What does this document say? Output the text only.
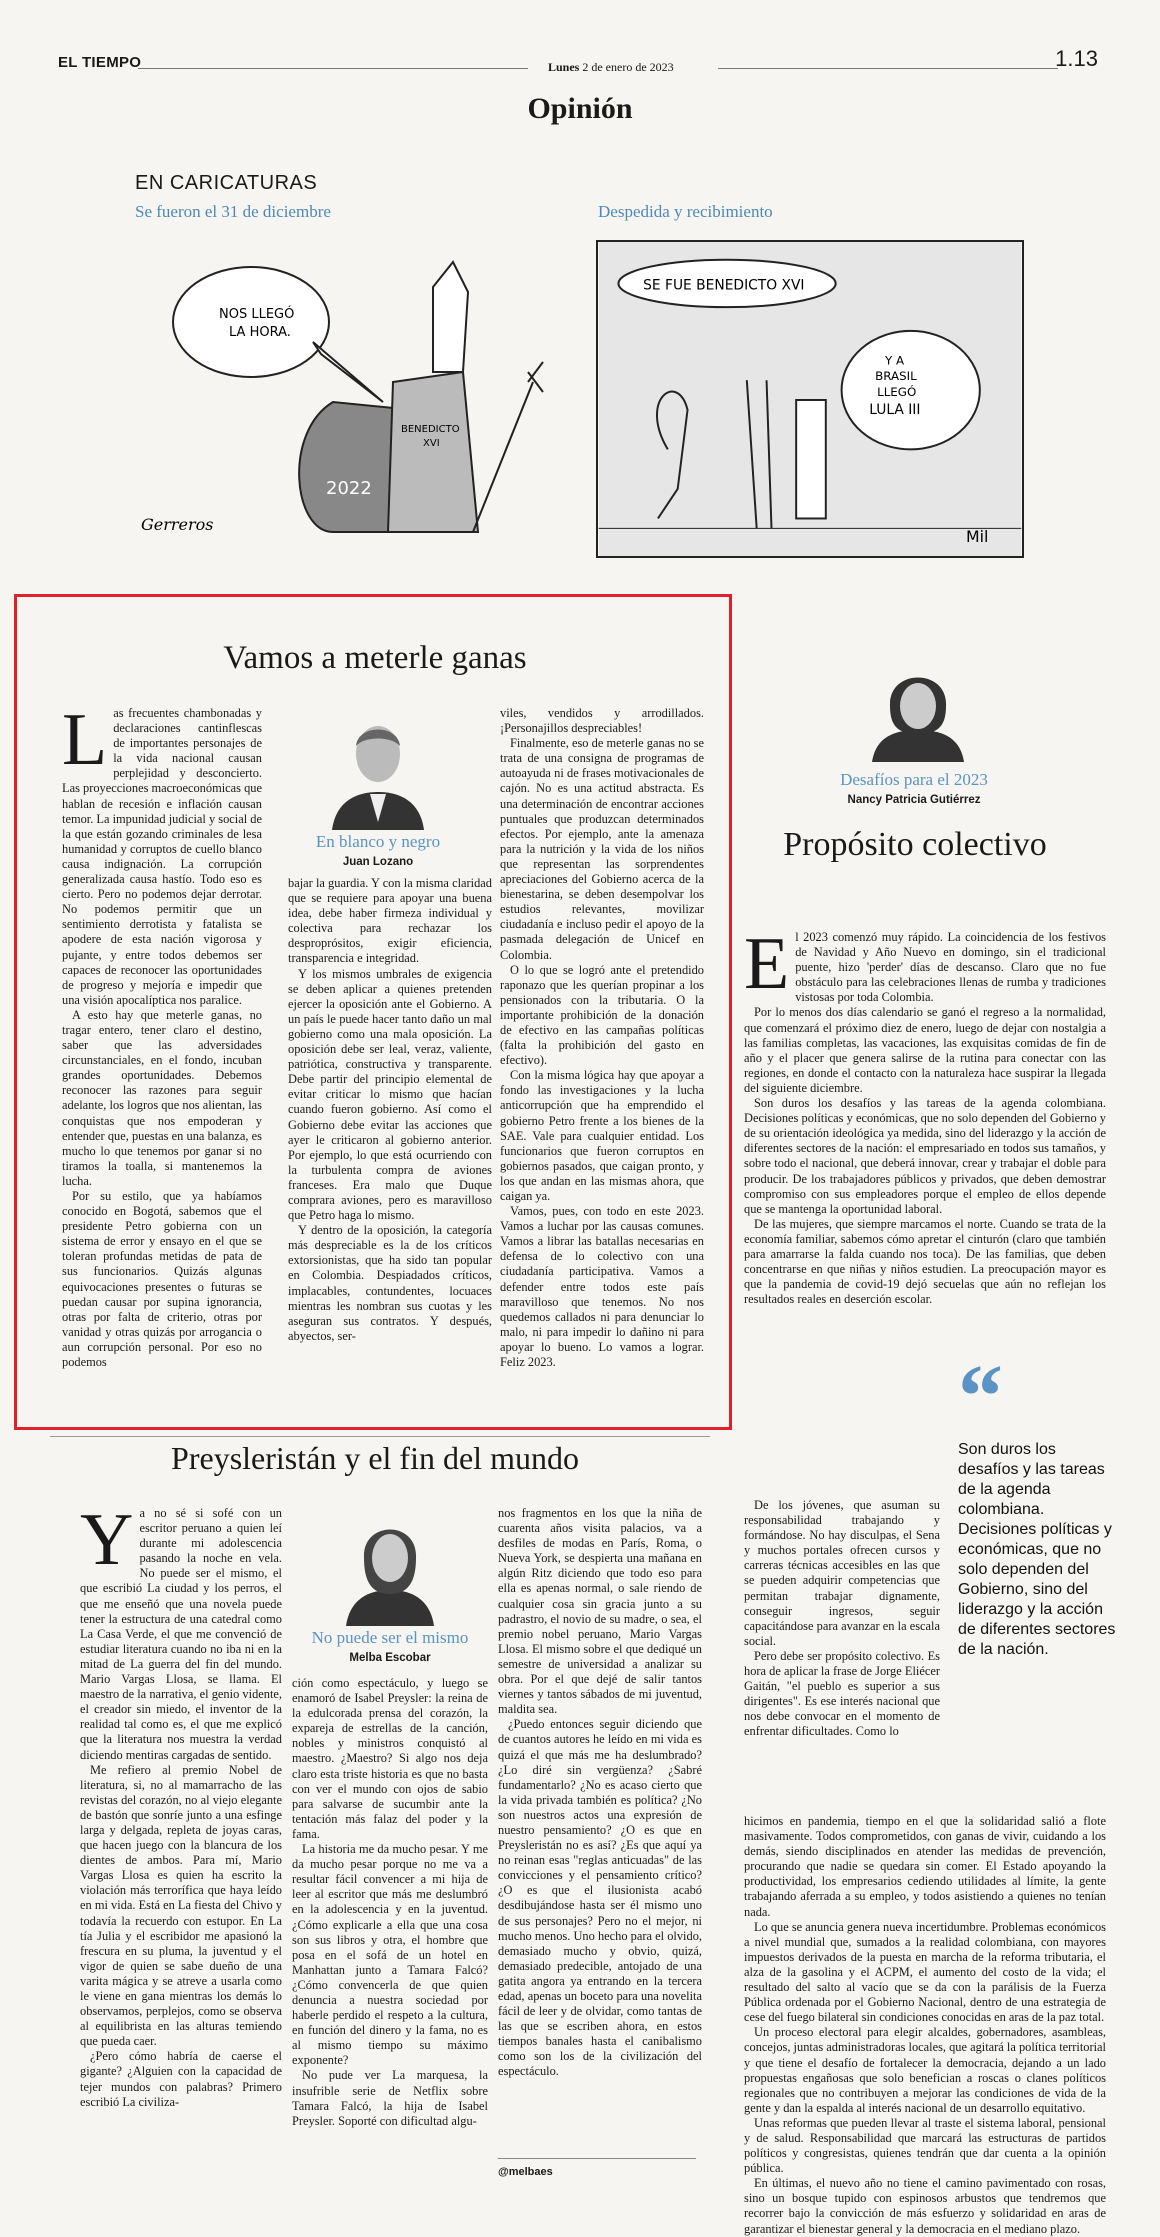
EL TIEMPO	Lunes 2 de enero de 2023	1.13
Opinión
EN CARICATURAS
Se fueron el 31 de diciembre	Despedida y recibimiento
NOS LLEGÓ
LA HORA.
2022
BENEDICTO
XVI
Gerreros
SE FUE BENEDICTO XVI
Y A
BRASIL
LLEGÓ
LULA III
Mil
Vamos a meterle ganas

Las frecuentes chambonadas y declaraciones cantinflescas de importantes personajes de la vida nacional causan perplejidad y desconcierto. Las proyecciones macroeconómicas que hablan de recesión e inflación causan temor. La impunidad judicial y social de la que están gozando criminales de lesa humanidad y corruptos de cuello blanco causa indignación. La corrupción generalizada causa hastío. Todo eso es cierto. Pero no podemos dejar derrotar. No podemos permitir que un sentimiento derrotista y fatalista se apodere de esta nación vigorosa y pujante, y entre todos debemos ser capaces de reconocer las oportunidades de progreso y mejoría e impedir que una visión apocalíptica nos paralice.

A esto hay que meterle ganas, no tragar entero, tener claro el destino, saber que las adversidades circunstanciales, en el fondo, incuban grandes oportunidades. Debemos reconocer las razones para seguir adelante, los logros que nos alientan, las conquistas que nos empoderan y entender que, puestas en una balanza, es mucho lo que tenemos por ganar si no tiramos la toalla, si mantenemos la lucha.

Por su estilo, que ya habíamos conocido en Bogotá, sabemos que el presidente Petro gobierna con un sistema de error y ensayo en el que se toleran profundas metidas de pata de sus funcionarios. Quizás algunas equivocaciones presentes o futuras se puedan causar por supina ignorancia, otras por falta de criterio, otras por vanidad y otras quizás por arrogancia o aun corrupción personal. Por eso no podemos

En blanco y negro
Juan Lozano

bajar la guardia. Y con la misma claridad que se requiere para apoyar una buena idea, debe haber firmeza individual y colectiva para rechazar los desproprósitos, exigir eficiencia, transparencia e integridad.

Y los mismos umbrales de exigencia se deben aplicar a quienes pretenden ejercer la oposición ante el Gobierno. A un país le puede hacer tanto daño un mal gobierno como una mala oposición. La oposición debe ser leal, veraz, valiente, patriótica, constructiva y transparente. Debe partir del principio elemental de evitar criticar lo mismo que hacían cuando fueron gobierno. Así como el Gobierno debe evitar las acciones que ayer le criticaron al gobierno anterior. Por ejemplo, lo que está ocurriendo con la turbulenta compra de aviones franceses. Era malo que Duque comprara aviones, pero es maravilloso que Petro haga lo mismo.

Y dentro de la oposición, la categoría más despreciable es la de los críticos extorsionistas, que ha sido tan popular en Colombia. Despiadados críticos, implacables, contundentes, locuaces mientras les nombran sus cuotas y les aseguran sus contratos. Y después, abyectos, ser-

viles, vendidos y arrodillados. ¡Personajillos despreciables!

Finalmente, eso de meterle ganas no se trata de una consigna de programas de autoayuda ni de frases motivacionales de cajón. No es una actitud abstracta. Es una determinación de encontrar acciones puntuales que produzcan determinados efectos. Por ejemplo, ante la amenaza para la nutrición y la vida de los niños que representan las sorprendentes apreciaciones del Gobierno acerca de la bienestarina, se deben desempolvar los estudios relevantes, movilizar ciudadanía e incluso pedir el apoyo de la pasmada delegación de Unicef en Colombia.

O lo que se logró ante el pretendido raponazo que les querían propinar a los pensionados con la tributaria. O la importante prohibición de la donación de efectivo en las campañas políticas (falta la prohibición del gasto en efectivo).

Con la misma lógica hay que apoyar a fondo las investigaciones y la lucha anticorrupción que ha emprendido el gobierno Petro frente a los bienes de la SAE. Vale para cualquier entidad. Los funcionarios que fueron corruptos en gobiernos pasados, que caigan pronto, y los que andan en las mismas ahora, que caigan ya.

Vamos, pues, con todo en este 2023. Vamos a luchar por las causas comunes. Vamos a librar las batallas necesarias en defensa de lo colectivo con una ciudadanía participativa. Vamos a defender entre todos este país maravilloso que tenemos. No nos quedemos callados ni para denunciar lo malo, ni para impedir lo dañino ni para apoyar lo bueno. Lo vamos a lograr. Feliz 2023.

Preysleristán y el fin del mundo

Ya no sé si sofé con un escritor peruano a quien leí durante mi adolescencia pasando la noche en vela. No puede ser el mismo, el que escribió La ciudad y los perros, el que me enseñó que una novela puede tener la estructura de una catedral como La Casa Verde, el que me convenció de estudiar literatura cuando no iba ni en la mitad de La guerra del fin del mundo. Mario Vargas Llosa, se llama. El maestro de la narrativa, el genio vidente, el creador sin miedo, el inventor de la realidad tal como es, el que me explicó que la literatura nos muestra la verdad diciendo mentiras cargadas de sentido.

Me refiero al premio Nobel de literatura, si, no al mamarracho de las revistas del corazón, no al viejo elegante de bastón que sonríe junto a una esfinge larga y delgada, repleta de joyas caras, que hacen juego con la blancura de los dientes de ambos. Para mí, Mario Vargas Llosa es quien ha escrito la violación más terrorífica que haya leído en mi vida. Está en La fiesta del Chivo y todavía la recuerdo con estupor. En La tía Julia y el escribidor me apasionó la frescura en su pluma, la juventud y el vigor de quien se sabe dueño de una varita mágica y se atreve a usarla como le viene en gana mientras los demás lo observamos, perplejos, como se observa al equilibrista en las alturas temiendo que pueda caer.

¿Pero cómo habría de caerse el gigante? ¿Alguien con la capacidad de tejer mundos con palabras? Primero escribió La civiliza-

No puede ser el mismo
Melba Escobar

ción como espectáculo, y luego se enamoró de Isabel Preysler: la reina de la edulcorada prensa del corazón, la expareja de estrellas de la canción, nobles y ministros conquistó al maestro. ¿Maestro? Si algo nos deja claro esta triste historia es que no basta con ver el mundo con ojos de sabio para salvarse de sucumbir ante la tentación más falaz del poder y la fama.

La historia me da mucho pesar. Y me da mucho pesar porque no me va a resultar fácil convencer a mi hija de leer al escritor que más me deslumbró en la adolescencia y en la juventud. ¿Cómo explicarle a ella que una cosa son sus libros y otra, el hombre que posa en el sofá de un hotel en Manhattan junto a Tamara Falcó? ¿Cómo convencerla de que quien denuncia a nuestra sociedad por haberle perdido el respeto a la cultura, en función del dinero y la fama, no es al mismo tiempo su máximo exponente?

No pude ver La marquesa, la insufrible serie de Netflix sobre Tamara Falcó, la hija de Isabel Preysler. Soporté con dificultad algu-

nos fragmentos en los que la niña de cuarenta años visita palacios, va a desfiles de modas en París, Roma, o Nueva York, se despierta una mañana en algún Ritz diciendo que todo eso para ella es apenas normal, o sale riendo de cualquier cosa sin gracia junto a su padrastro, el novio de su madre, o sea, el premio nobel peruano, Mario Vargas Llosa. El mismo sobre el que dediqué un semestre de universidad a analizar su obra. Por el que dejé de salir tantos viernes y tantos sábados de mi juventud, maldita sea.

¿Puedo entonces seguir diciendo que de cuantos autores he leído en mi vida es quizá el que más me ha deslumbrado? ¿Lo diré sin vergüenza? ¿Sabré fundamentarlo? ¿No es acaso cierto que la vida privada también es política? ¿No son nuestros actos una expresión de nuestro pensamiento? ¿O es que en Preysleristán no es así? ¿Es que aquí ya no reinan esas "reglas anticuadas" de las convicciones y el pensamiento crítico? ¿O es que el ilusionista acabó desdibujándose hasta ser él mismo uno de sus personajes? Pero no el mejor, ni mucho menos. Uno hecho para el olvido, demasiado mucho y obvio, quizá, demasiado predecible, antojado de una gatita angora ya entrando en la tercera edad, apenas un boceto para una novelita fácil de leer y de olvidar, como tantas de las que se escriben ahora, en estos tiempos banales hasta el canibalismo como son los de la civilización del espectáculo.

@melbaes
Desafíos para el 2023
Nancy Patricia Gutiérrez
Propósito colectivo

El 2023 comenzó muy rápido. La coincidencia de los festivos de Navidad y Año Nuevo en domingo, sin el tradicional puente, hizo 'perder' días de descanso. Claro que no fue obstáculo para las celebraciones llenas de rumba y tradiciones vistosas por toda Colombia.

Por lo menos dos días calendario se ganó el regreso a la normalidad, que comenzará el próximo diez de enero, luego de dejar con nostalgia a las familias completas, las vacaciones, las exquisitas comidas de fin de año y el placer que genera salirse de la rutina para conectar con las regiones, en donde el contacto con la naturaleza hace suspirar la llegada del siguiente diciembre.

Son duros los desafíos y las tareas de la agenda colombiana. Decisiones políticas y económicas, que no solo dependen del Gobierno y de su orientación ideológica ya medida, sino del liderazgo y la acción de diferentes sectores de la nación: el empresariado en todos sus tamaños, y sobre todo el nacional, que deberá innovar, crear y trabajar el doble para producir. De los trabajadores públicos y privados, que deben demostrar compromiso con sus empleadores porque el empleo de ellos depende que se mantenga la oportunidad laboral.

De las mujeres, que siempre marcamos el norte. Cuando se trata de la economía familiar, sabemos cómo apretar el cinturón (claro que también para amarrarse la falda cuando nos toca). De las familias, que deben concentrarse en que niñas y niños estudien. La preocupación mayor es que la pandemia de covid-19 dejó secuelas que aún no reflejan los resultados reales en deserción escolar.

De los jóvenes, que asuman su responsabilidad trabajando y formándose. No hay disculpas, el Sena y muchos portales ofrecen cursos y carreras técnicas accesibles en las que se pueden adquirir competencias que permitan trabajar dignamente, conseguir ingresos, seguir capacitándose para avanzar en la escala social.

Pero debe ser propósito colectivo. Es hora de aplicar la frase de Jorge Eliécer Gaitán, "el pueblo es superior a sus dirigentes". Es ese interés nacional que nos debe convocar en el momento de enfrentar dificultades. Como lo

“
Son duros los desafíos y las tareas de la agenda colombiana. Decisiones políticas y económicas, que no solo dependen del Gobierno, sino del liderazgo y la acción de diferentes sectores de la nación.

hicimos en pandemia, tiempo en el que la solidaridad salió a flote masivamente. Todos comprometidos, con ganas de vivir, cuidando a los demás, siendo disciplinados en atender las medidas de prevención, procurando que nadie se quedara sin comer. El Estado apoyando la productividad, los empresarios cediendo utilidades al límite, la gente trabajando aferrada a su empleo, y todos asistiendo a quienes no tenían nada.

Lo que se anuncia genera nueva incertidumbre. Problemas económicos a nivel mundial que, sumados a la realidad colombiana, con mayores impuestos derivados de la puesta en marcha de la reforma tributaria, el alza de la gasolina y el ACPM, el aumento del costo de la vida; el resultado del salto al vacío que se da con la parálisis de la Fuerza Pública ordenada por el Gobierno Nacional, dentro de una estrategia de cese del fuego bilateral sin condiciones conocidas en aras de la paz total.

Un proceso electoral para elegir alcaldes, gobernadores, asambleas, concejos, juntas administradoras locales, que agitará la política territorial y que tiene el desafío de fortalecer la democracia, dejando a un lado propuestas engañosas que solo benefician a roscas o clanes políticos regionales que no contribuyen a mejorar las condiciones de vida de la gente y dan la espalda al interés nacional de un desarrollo equitativo.

Unas reformas que pueden llevar al traste el sistema laboral, pensional y de salud. Responsabilidad que marcará las estructuras de partidos políticos y congresistas, quienes tendrán que dar cuenta a la opinión pública.

En últimas, el nuevo año no tiene el camino pavimentado con rosas, sino un bosque tupido con espinosos arbustos que tendremos que recorrer bajo la convicción de más esfuerzo y solidaridad en aras de garantizar el bienestar general y la democracia en el mediano plazo.
